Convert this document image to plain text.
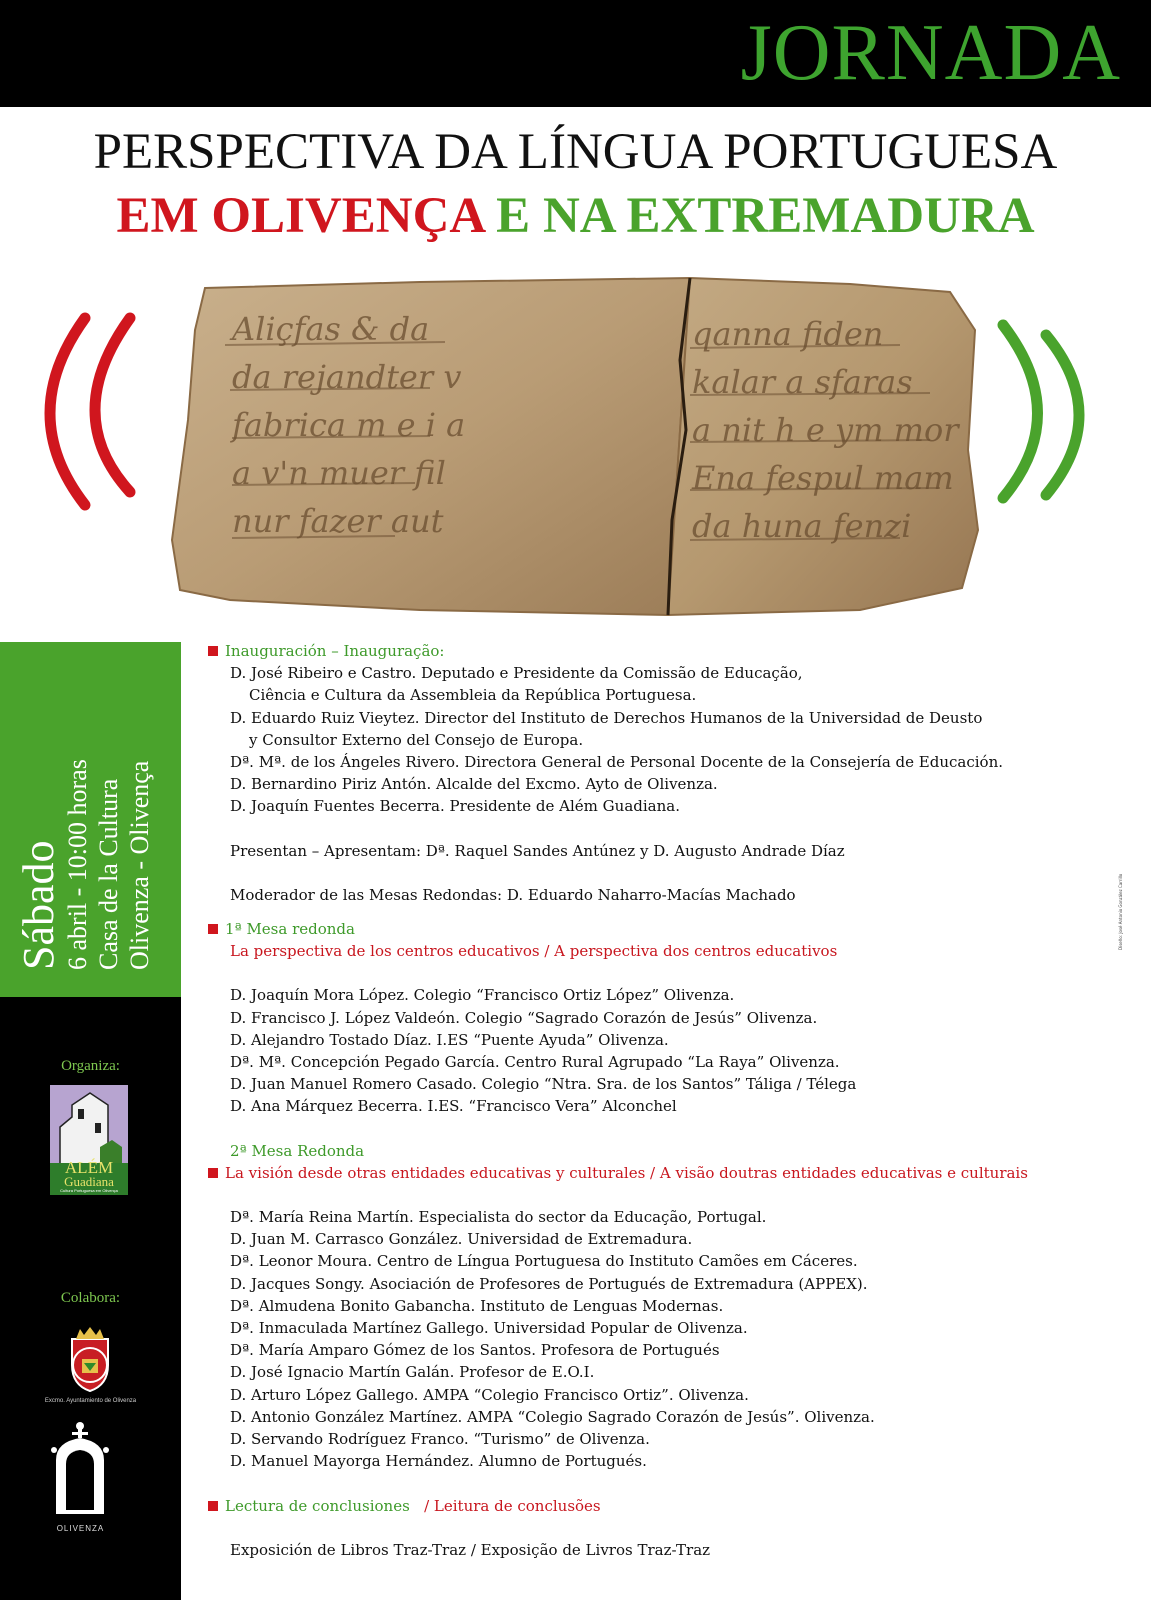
JORNADA
PERSPECTIVA DA LÍNGUA PORTUGUESA
EM OLIVENÇA E NA EXTREMADURA
Aliçfas & da
da rejandter v
fabrica m e i a
a v'n muer fil
nur fazer aut
qanna fiden
kalar a sfaras
a nit h e ym mor
Ena fespul mam
da huna fenzi
Sábado 6 abril - 10:00 horas Casa de la Cultura Olivenza - Olivença
Organiza:
ALÉM
Guadiana
Cultura Portuguesa em Olivença
Colabora:
Excmo. Ayuntamiento de Olivenza
OLIVENZA
Diseño: José Antonio González Carrillo

Inauguración – Inauguração:

D. José Ribeiro e Castro. Deputado e Presidente da Comissão de Educação,

Ciência e Cultura da Assembleia da República Portuguesa.

D. Eduardo Ruiz Vieytez. Director del Instituto de Derechos Humanos de la Universidad de Deusto

y Consultor Externo del Consejo de Europa.

Dª. Mª. de los Ángeles Rivero. Directora General de Personal Docente de la Consejería de Educación.

D. Bernardino Piriz Antón. Alcalde del Excmo. Ayto de Olivenza.

D. Joaquín Fuentes Becerra. Presidente de Além Guadiana.

Presentan – Apresentam: Dª. Raquel Sandes Antúnez y D. Augusto Andrade Díaz

Moderador de las Mesas Redondas: D. Eduardo Naharro-Macías Machado

1ª Mesa redonda

La perspectiva de los centros educativos / A perspectiva dos centros educativos

D. Joaquín Mora López. Colegio “Francisco Ortiz López” Olivenza.

D. Francisco J. López Valdeón. Colegio “Sagrado Corazón de Jesús” Olivenza.

D. Alejandro Tostado Díaz. I.ES “Puente Ayuda” Olivenza.

Dª. Mª. Concepción Pegado García. Centro Rural Agrupado “La Raya” Olivenza.

D. Juan Manuel Romero Casado. Colegio “Ntra. Sra. de los Santos” Táliga / Télega

D. Ana Márquez Becerra. I.ES. “Francisco Vera” Alconchel

2ª Mesa Redonda

La visión desde otras entidades educativas y culturales / A visão doutras entidades educativas e culturais

Dª. María Reina Martín. Especialista do sector da Educação, Portugal.

D. Juan M. Carrasco González. Universidad de Extremadura.

Dª. Leonor Moura. Centro de Língua Portuguesa do Instituto Camões em Cáceres.

D. Jacques Songy. Asociación de Profesores de Portugués de Extremadura (APPEX).

Dª. Almudena Bonito Gabancha. Instituto de Lenguas Modernas.

Dª. Inmaculada Martínez Gallego. Universidad Popular de Olivenza.

Dª. María Amparo Gómez de los Santos. Profesora de Portugués

D. José Ignacio Martín Galán. Profesor de E.O.I.

D. Arturo López Gallego. AMPA “Colegio Francisco Ortiz”. Olivenza.

D. Antonio González Martínez. AMPA “Colegio Sagrado Corazón de Jesús”. Olivenza.

D. Servando Rodríguez Franco. “Turismo” de Olivenza.

D. Manuel Mayorga Hernández. Alumno de Portugués.

Lectura de conclusiones / Leitura de conclusões

Exposición de Libros Traz-Traz / Exposição de Livros Traz-Traz
